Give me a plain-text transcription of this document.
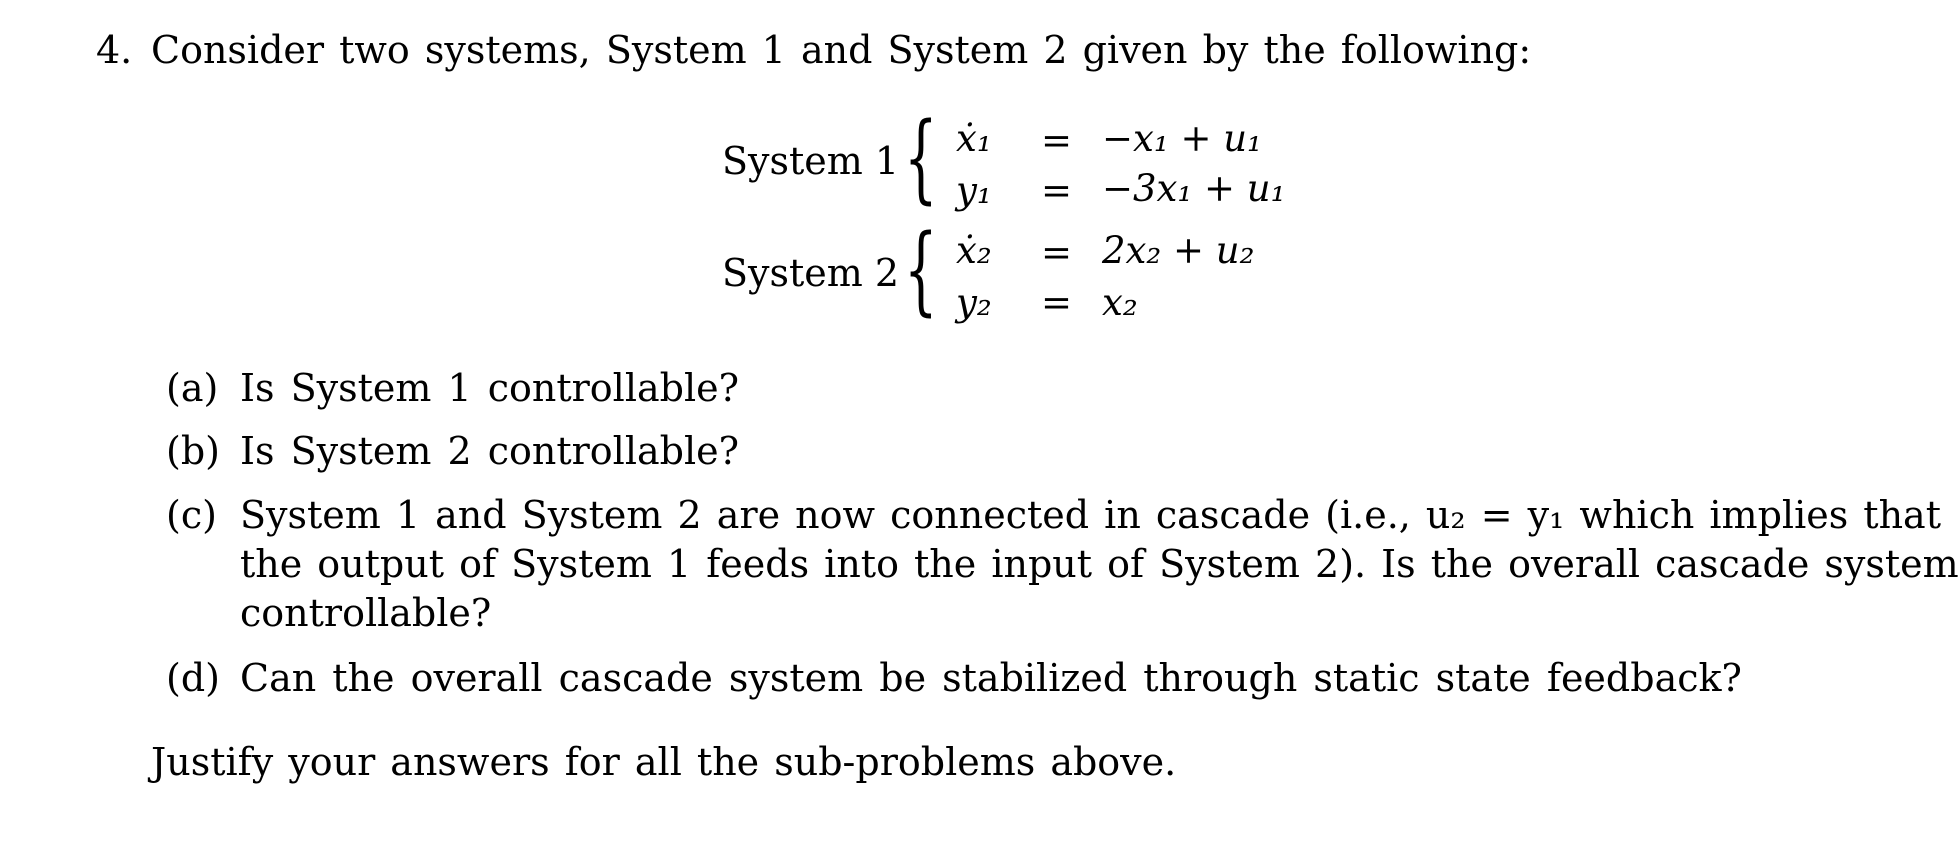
4. Consider two systems, System 1 and System 2 given by the following:
System 1 { ẋ₁ = −x₁ + u₁
y₁ = −3x₁ + u₁
System 2 { ẋ₂ = 2x₂ + u₂
y₂ = x₂
(a) Is System 1 controllable?
(b) Is System 2 controllable?
(c) System 1 and System 2 are now connected in cascade (i.e., u₂ = y₁ which implies that
the output of System 1 feeds into the input of System 2). Is the overall cascade system
controllable?
(d) Can the overall cascade system be stabilized through static state feedback?
Justify your answers for all the sub-problems above.
